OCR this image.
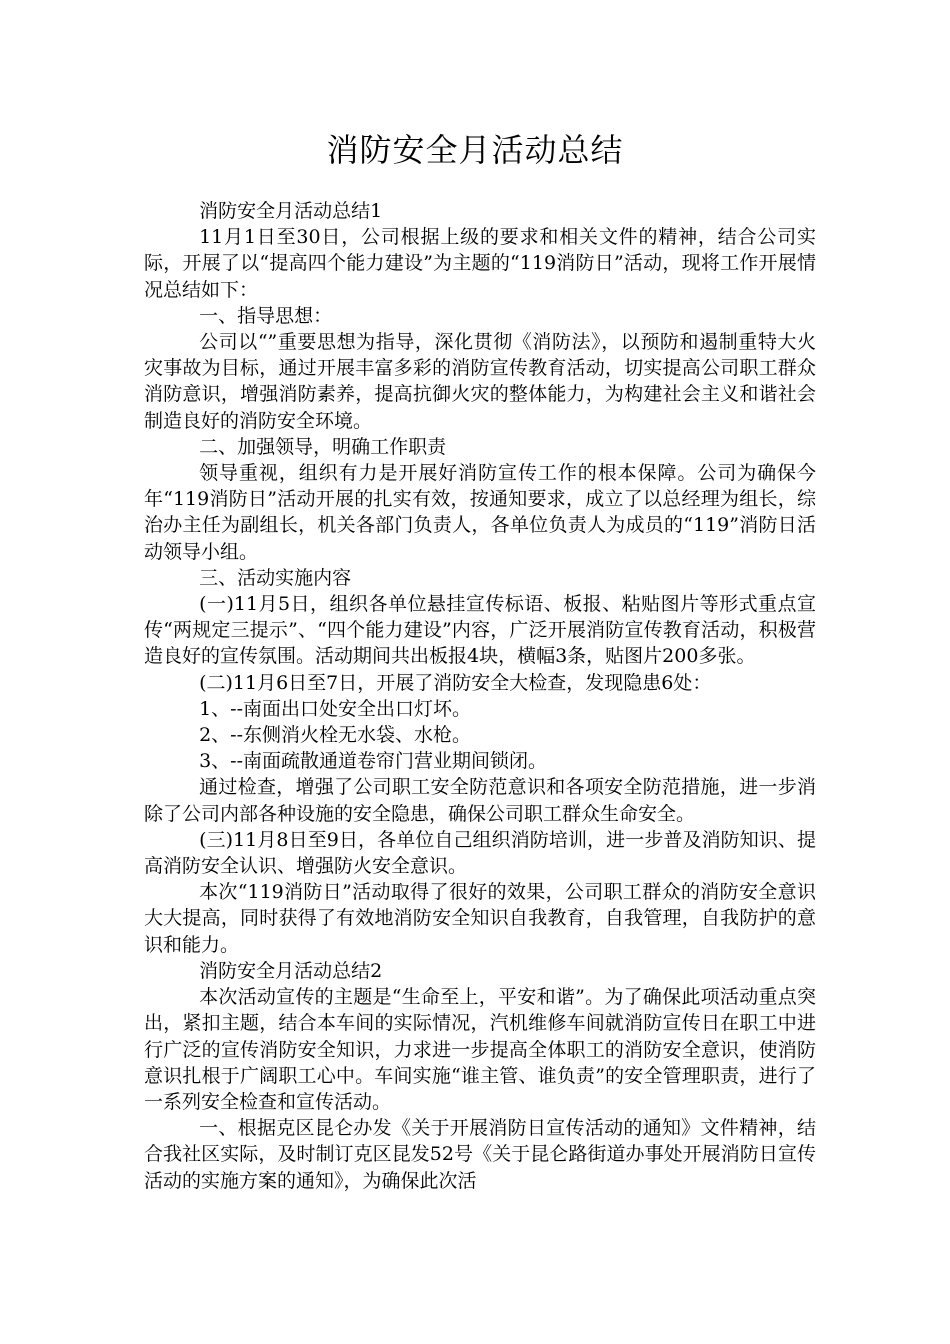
消防安全月活动总结

消防安全月活动总结1

11月1日至30日，公司根据上级的要求和相关文件的精神，结合公司实际，开展了以“提高四个能力建设”为主题的“119消防日”活动，现将工作开展情况总结如下：

一、指导思想：

公司以“”重要思想为指导，深化贯彻《消防法》，以预防和遏制重特大火灾事故为目标，通过开展丰富多彩的消防宣传教育活动，切实提高公司职工群众消防意识，增强消防素养，提高抗御火灾的整体能力，为构建社会主义和谐社会制造良好的消防安全环境。

二、加强领导，明确工作职责

领导重视，组织有力是开展好消防宣传工作的根本保障。公司为确保今年“119消防日”活动开展的扎实有效，按通知要求，成立了以总经理为组长，综治办主任为副组长，机关各部门负责人，各单位负责人为成员的“119”消防日活动领导小组。

三、活动实施内容

(一)11月5日，组织各单位悬挂宣传标语、板报、粘贴图片等形式重点宣传“两规定三提示”、“四个能力建设”内容，广泛开展消防宣传教育活动，积极营造良好的宣传氛围。活动期间共出板报4块，横幅3条，贴图片200多张。

(二)11月6日至7日，开展了消防安全大检查，发现隐患6处：

1、--南面出口处安全出口灯坏。

2、--东侧消火栓无水袋、水枪。

3、--南面疏散通道卷帘门营业期间锁闭。

通过检查，增强了公司职工安全防范意识和各项安全防范措施，进一步消除了公司内部各种设施的安全隐患，确保公司职工群众生命安全。

(三)11月8日至9日，各单位自己组织消防培训，进一步普及消防知识、提高消防安全认识、增强防火安全意识。

本次“119消防日”活动取得了很好的效果，公司职工群众的消防安全意识大大提高，同时获得了有效地消防安全知识自我教育，自我管理，自我防护的意识和能力。

消防安全月活动总结2

本次活动宣传的主题是“生命至上，平安和谐”。为了确保此项活动重点突出，紧扣主题，结合本车间的实际情况，汽机维修车间就消防宣传日在职工中进行广泛的宣传消防安全知识，力求进一步提高全体职工的消防安全意识，使消防意识扎根于广阔职工心中。车间实施“谁主管、谁负责”的安全管理职责，进行了一系列安全检查和宣传活动。

一、根据克区昆仑办发《关于开展消防日宣传活动的通知》文件精神，结合我社区实际，及时制订克区昆发52号《关于昆仑路街道办事处开展消防日宣传活动的实施方案的通知》，为确保此次活
